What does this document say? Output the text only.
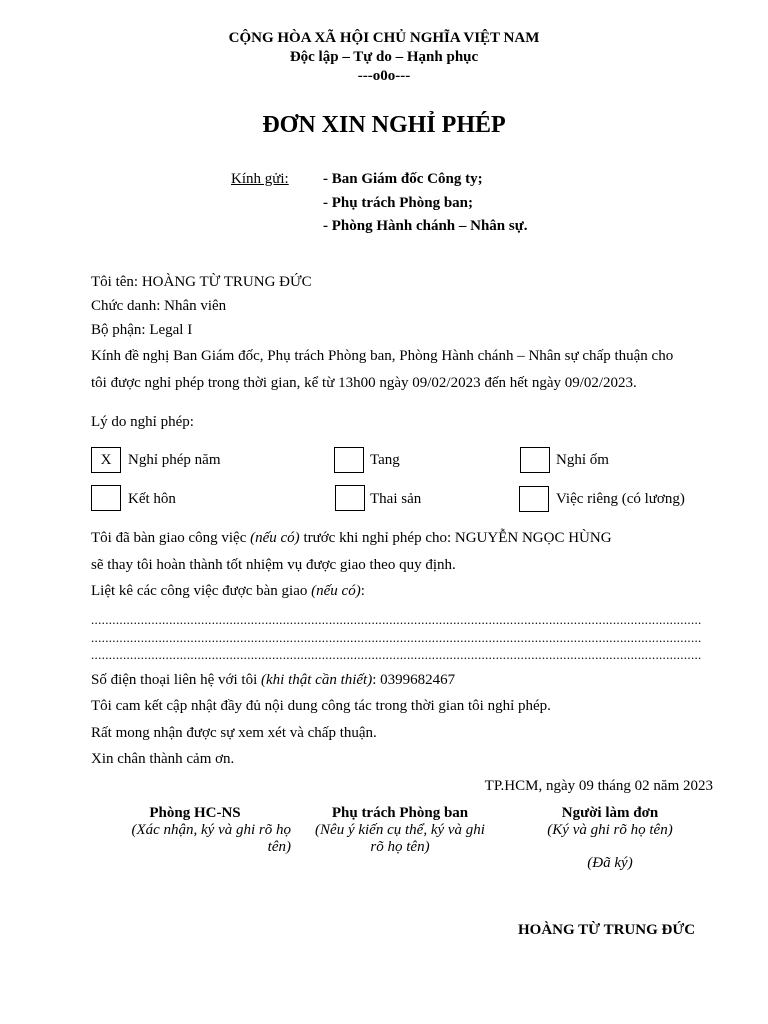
CỘNG HÒA XÃ HỘI CHỦ NGHĨA VIỆT NAM
Độc lập – Tự do – Hạnh phục
---o0o---
ĐƠN XIN NGHỈ PHÉP
Kính gửi: - Ban Giám đốc Công ty;
- Phụ trách Phòng ban;
- Phòng Hành chánh – Nhân sự.
Tôi tên: HOÀNG TỪ TRUNG ĐỨC
Chức danh: Nhân viên
Bộ phận: Legal I
Kính đề nghị Ban Giám đốc, Phụ trách Phòng ban, Phòng Hành chánh – Nhân sự chấp thuận cho
tôi được nghỉ phép trong thời gian, kể từ 13h00 ngày 09/02/2023 đến hết ngày 09/02/2023.
Lý do nghỉ phép:
X	Nghỉ phép năm	Tang	Nghỉ ốm
Kết hôn	Thai sản	Việc riêng (có lương)
Tôi đã bàn giao công việc (nếu có) trước khi nghỉ phép cho: NGUYỄN NGỌC HÙNG
sẽ thay tôi hoàn thành tốt nhiệm vụ được giao theo quy định.
Liệt kê các công việc được bàn giao (nếu có):
............................................................................................................................................................................
............................................................................................................................................................................
............................................................................................................................................................................
Số điện thoại liên hệ với tôi (khi thật cần thiết): 0399682467
Tôi cam kết cập nhật đầy đủ nội dung công tác trong thời gian tôi nghỉ phép.
Rất mong nhận được sự xem xét và chấp thuận.
Xin chân thành cảm ơn.
TP.HCM, ngày 09 tháng 02 năm 2023
Phòng HC-NS
(Xác nhận, ký và ghi rõ họ tên)
Phụ trách Phòng ban
(Nêu ý kiến cụ thể, ký và ghi rõ họ tên)
Người làm đơn
(Ký và ghi rõ họ tên)
(Đã ký)
HOÀNG TỪ TRUNG ĐỨC
